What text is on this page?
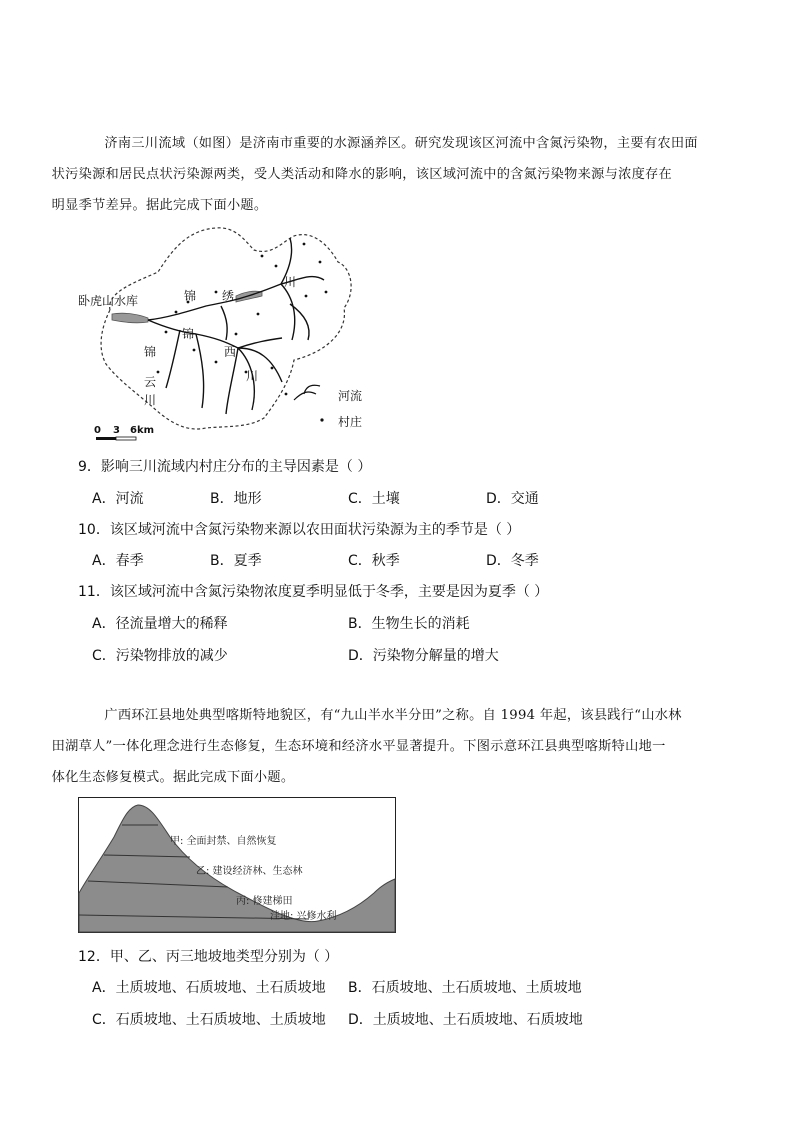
济南三川流域（如图）是济南市重要的水源涵养区。研究发现该区河流中含氮污染物，主要有农田面
状污染源和居民点状污染源两类，受人类活动和降水的影响，该区域河流中的含氮污染物来源与浓度存在
明显季节差异。据此完成下面小题。
卧虎山水库	锦 绣
川
锦
锦
云
川
西
川
河流
村庄
0 3 6km
9．影响三川流域内村庄分布的主导因素是（ ）
A．河流	B．地形	C．土壤	D．交通
10．该区域河流中含氮污染物来源以农田面状污染源为主的季节是（ ）
A．春季	B．夏季	C．秋季	D．冬季
11．该区域河流中含氮污染物浓度夏季明显低于冬季，主要是因为夏季（ ）
A．径流量增大的稀释	B．生物生长的消耗
C．污染物排放的减少	D．污染物分解量的增大
广西环江县地处典型喀斯特地貌区，有“九山半水半分田”之称。自 1994 年起，该县践行“山水林
田湖草人”一体化理念进行生态修复，生态环境和经济水平显著提升。下图示意环江县典型喀斯特山地一
体化生态修复模式。据此完成下面小题。
甲: 全面封禁、自然恢复
乙: 建设经济林、生态林
丙: 修建梯田
洼地: 兴修水利
12．甲、乙、丙三地坡地类型分别为（ ）
A．土质坡地、石质坡地、土石质坡地 B．石质坡地、土石质坡地、土质坡地
C．石质坡地、土石质坡地、土质坡地 D．土质坡地、土石质坡地、石质坡地
